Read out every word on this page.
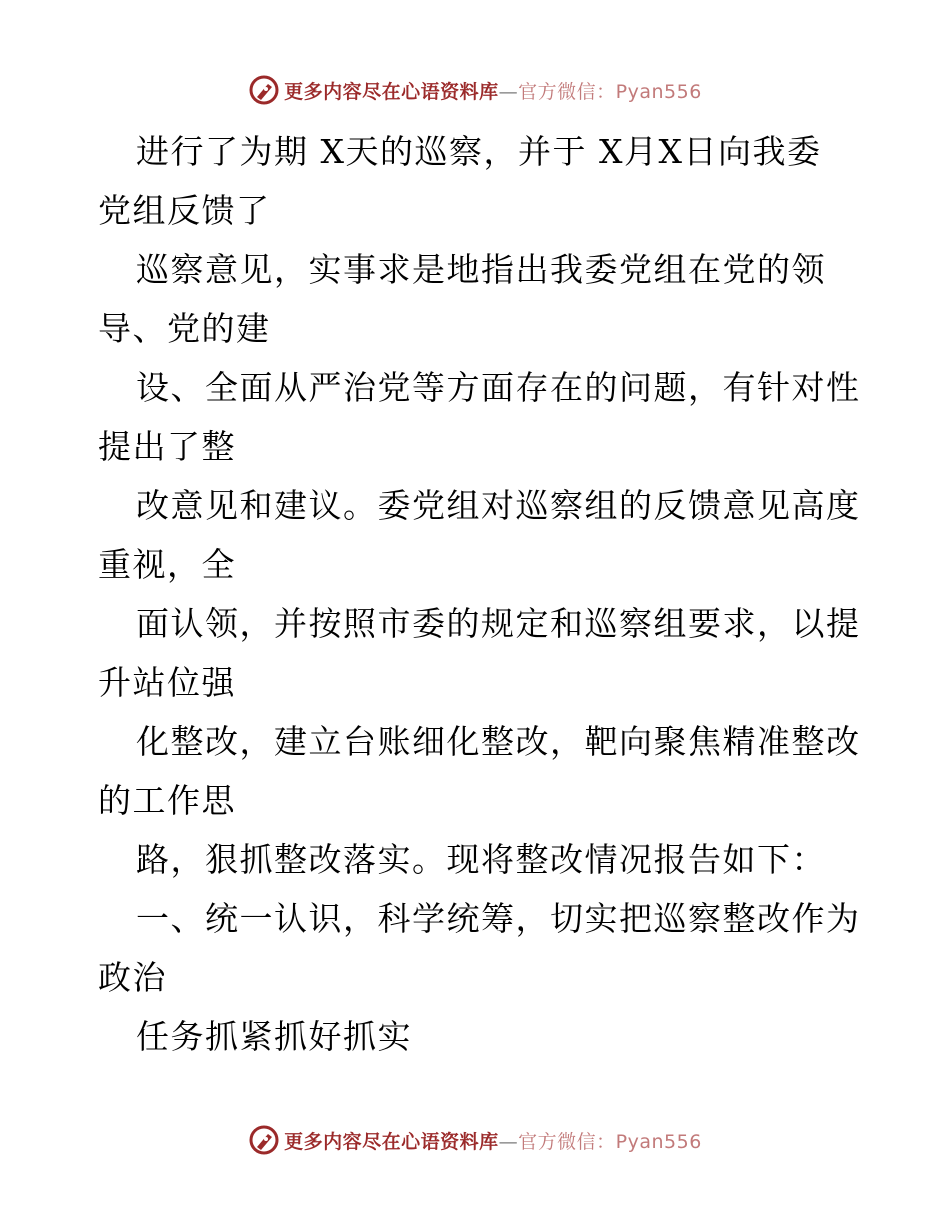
更多内容尽在心语资料库—官方微信：Pyan556
进行了为期 X天的巡察，并于 X月X日向我委
党组反馈了
巡察意见，实事求是地指出我委党组在党的领
导、党的建
设、全面从严治党等方面存在的问题，有针对性
提出了整
改意见和建议。委党组对巡察组的反馈意见高度
重视，全
面认领，并按照市委的规定和巡察组要求，以提
升站位强
化整改，建立台账细化整改，靶向聚焦精准整改
的工作思
路，狠抓整改落实。现将整改情况报告如下：
一、统一认识，科学统筹，切实把巡察整改作为
政治
任务抓紧抓好抓实
更多内容尽在心语资料库—官方微信：Pyan556
